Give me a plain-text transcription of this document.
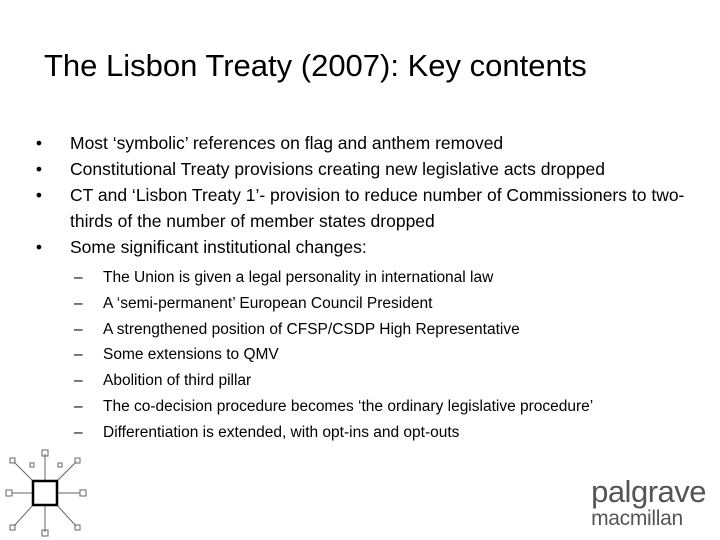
The Lisbon Treaty (2007): Key contents
•	Most ‘symbolic’ references on flag and anthem removed
•	Constitutional Treaty provisions creating new legislative acts dropped
•	CT and ‘Lisbon Treaty 1’- provision to reduce number of Commissioners to two-thirds of the number of member states dropped
•	Some significant institutional changes:
– The Union is given a legal personality in international law
– A ‘semi-permanent’ European Council President
– A strengthened position of CFSP/CSDP High Representative
– Some extensions to QMV
– Abolition of third pillar
– The co-decision procedure becomes ‘the ordinary legislative procedure’
– Differentiation is extended, with opt-ins and opt-outs
palgrave
macmillan
